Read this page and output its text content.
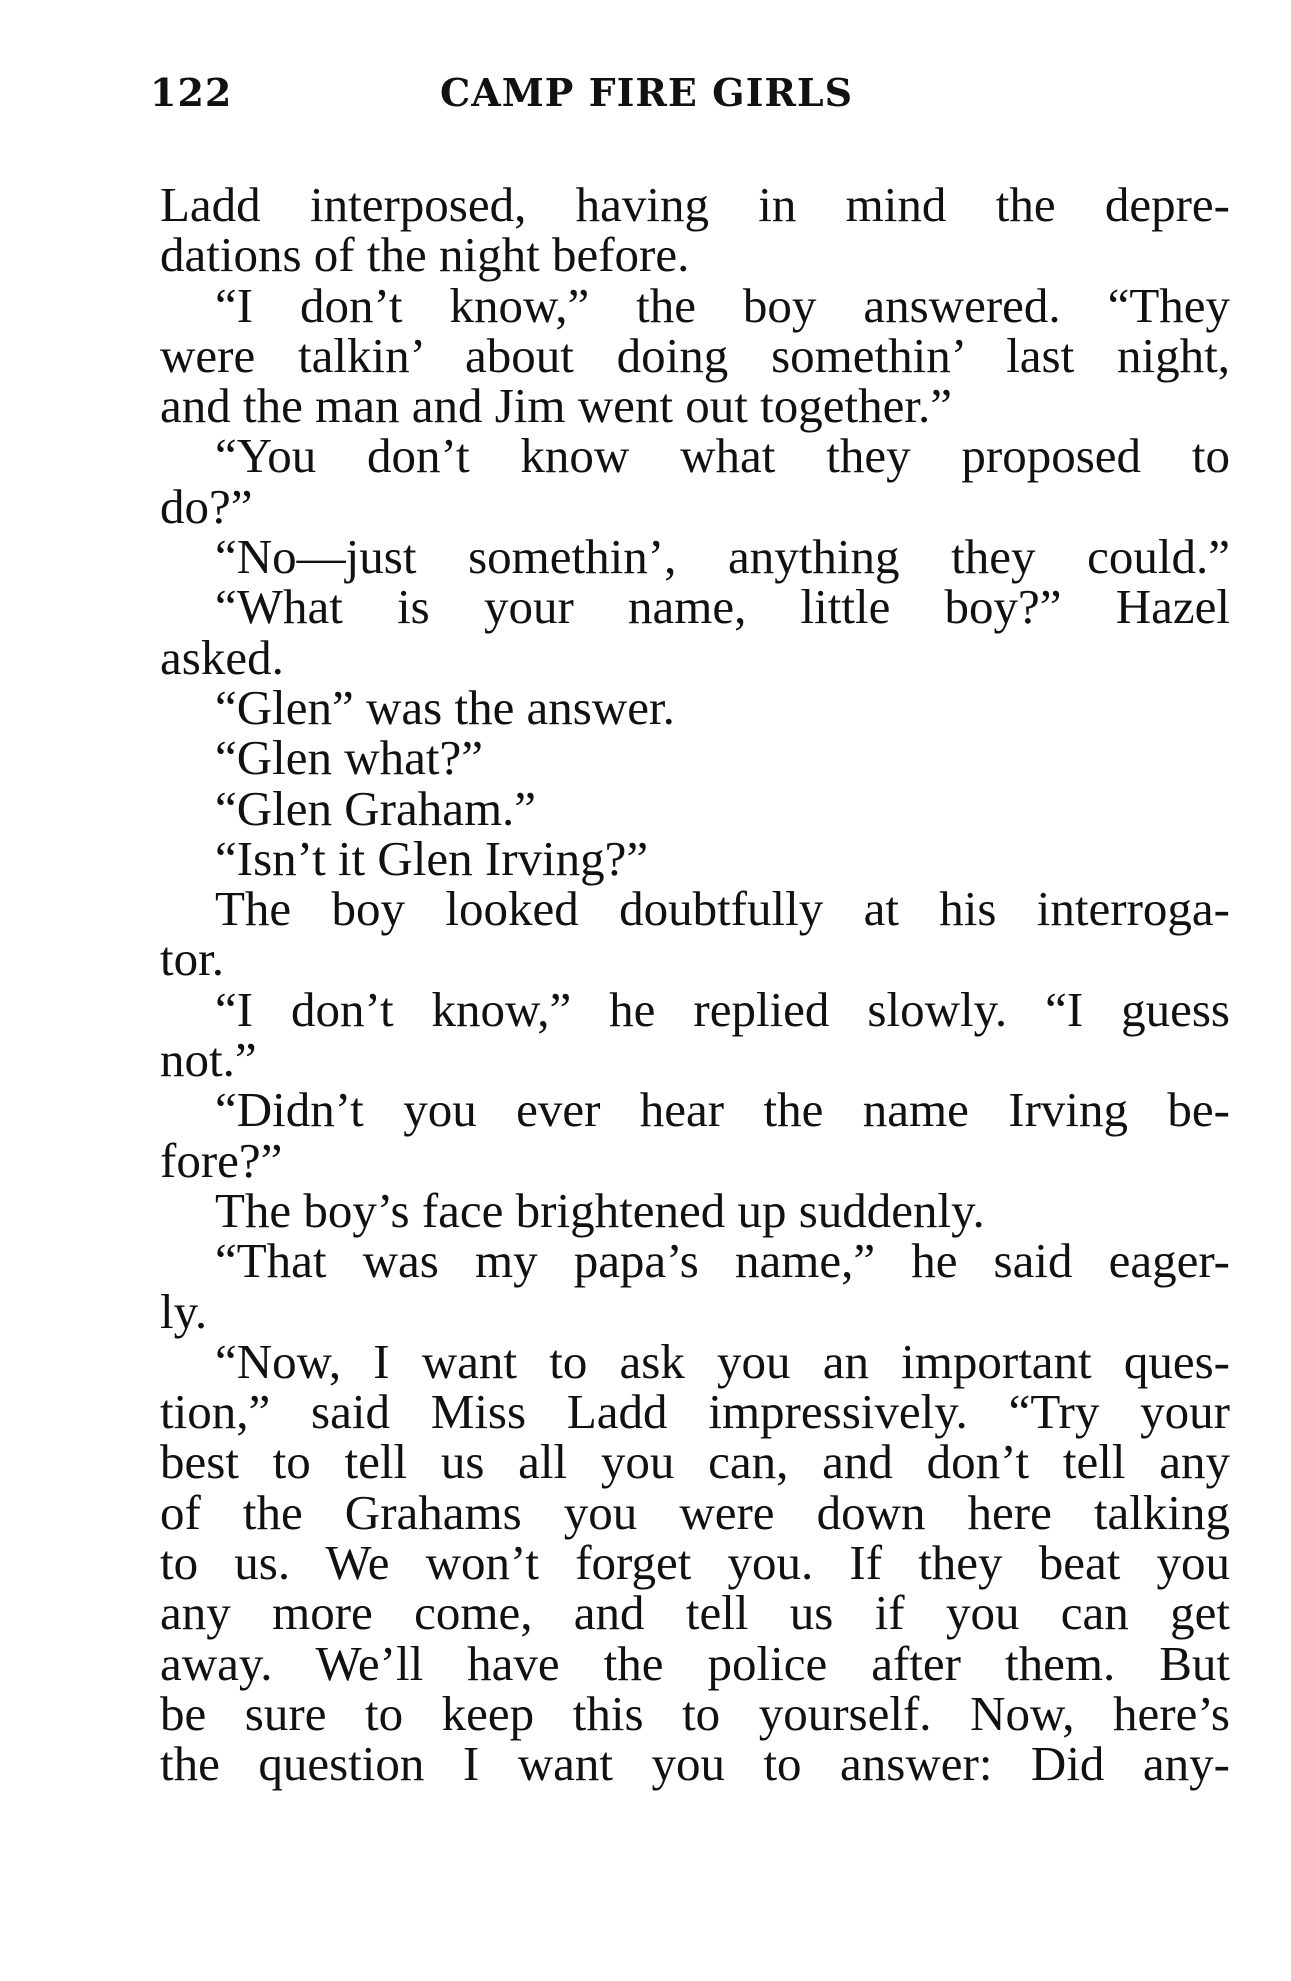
122	CAMP FIRE GIRLS
Ladd interposed, having in mind the depre-
dations of the night before.
“I don’t know,” the boy answered. “They
were talkin’ about doing somethin’ last night,
and the man and Jim went out together.”
“You don’t know what they proposed to
do?”
“No—just somethin’, anything they could.”
“What is your name, little boy?” Hazel
asked.
“Glen” was the answer.
“Glen what?”
“Glen Graham.”
“Isn’t it Glen Irving?”
The boy looked doubtfully at his interroga-
tor.
“I don’t know,” he replied slowly. “I guess
not.”
“Didn’t you ever hear the name Irving be-
fore?”
The boy’s face brightened up suddenly.
“That was my papa’s name,” he said eager-
ly.
“Now, I want to ask you an important ques-
tion,” said Miss Ladd impressively. “Try your
best to tell us all you can, and don’t tell any
of the Grahams you were down here talking
to us. We won’t forget you. If they beat you
any more come, and tell us if you can get
away. We’ll have the police after them. But
be sure to keep this to yourself. Now, here’s
the question I want you to answer: Did any-
